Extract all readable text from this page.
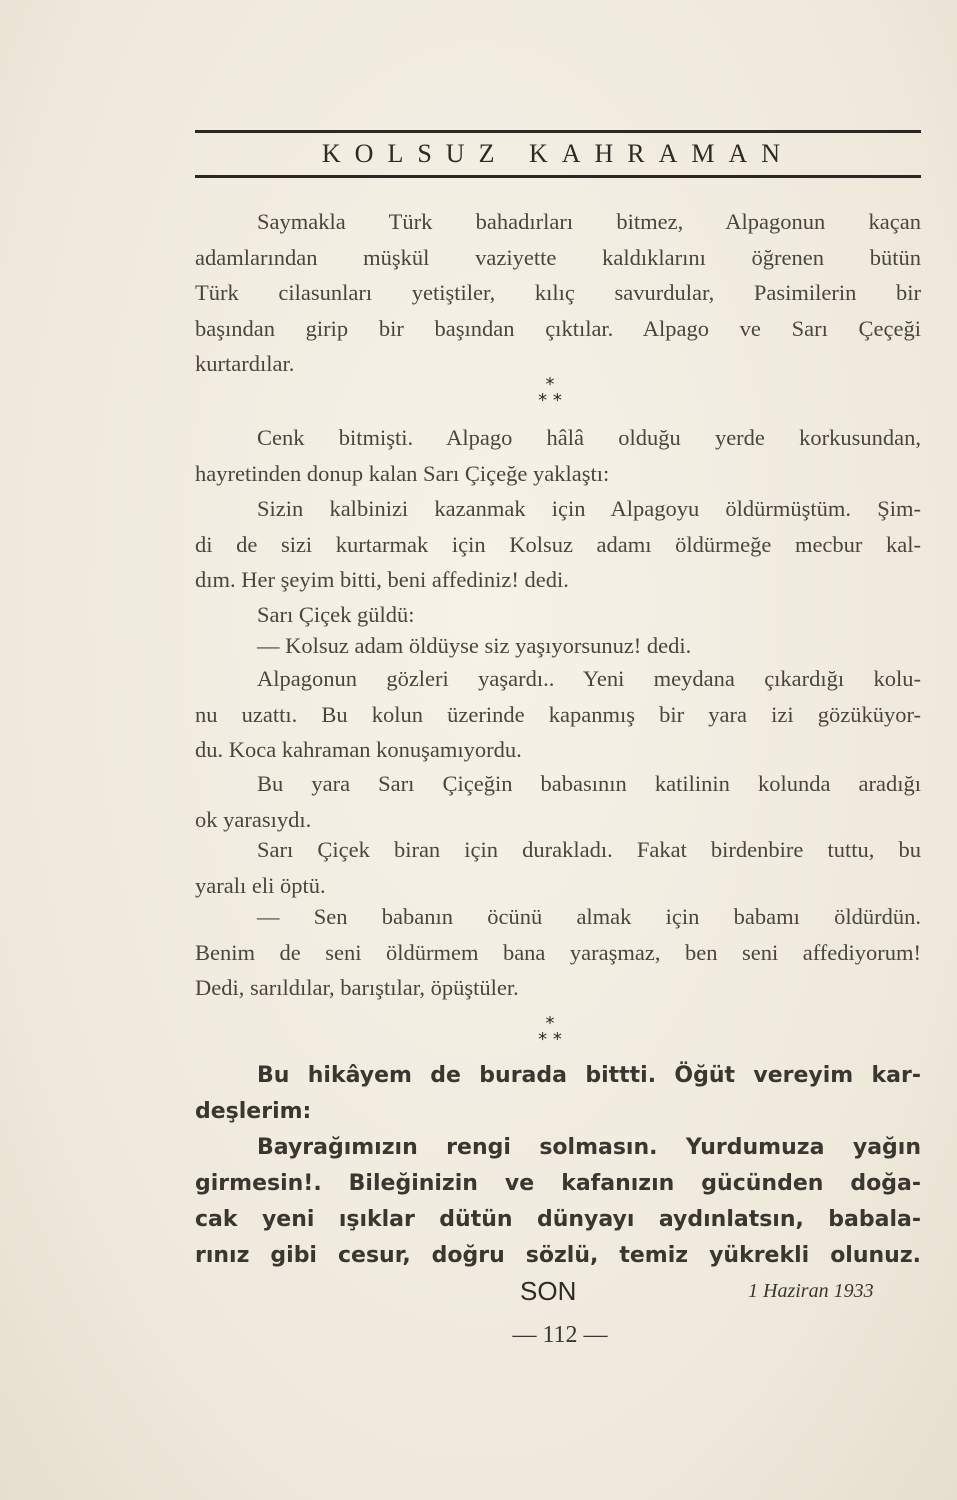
KOLSUZ KAHRAMAN

Saymakla Türk bahadırları bitmez, Alpagonun kaçan
adamlarından müşkül vaziyette kaldıklarını öğrenen bütün
Türk cilasunları yetiştiler, kılıç savurdular, Pasimilerin bir
başından girip bir başından çıktılar. Alpago ve Sarı Çeçeği
kurtardılar.

*
* *

Cenk bitmişti. Alpago hâlâ olduğu yerde korkusundan,
hayretinden donup kalan Sarı Çiçeğe yaklaştı:

Sizin kalbinizi kazanmak için Alpagoyu öldürmüştüm. Şim-
di de sizi kurtarmak için Kolsuz adamı öldürmeğe mecbur kal-
dım. Her şeyim bitti, beni affediniz! dedi.

Sarı Çiçek güldü:

— Kolsuz adam öldüyse siz yaşıyorsunuz! dedi.

Alpagonun gözleri yaşardı.. Yeni meydana çıkardığı kolu-
nu uzattı. Bu kolun üzerinde kapanmış bir yara izi gözüküyor-
du. Koca kahraman konuşamıyordu.

Bu yara Sarı Çiçeğin babasının katilinin kolunda aradığı
ok yarasıydı.

Sarı Çiçek biran için durakladı. Fakat birdenbire tuttu, bu
yaralı eli öptü.

— Sen babanın öcünü almak için babamı öldürdün.
Benim de seni öldürmem bana yaraşmaz, ben seni affediyorum!
Dedi, sarıldılar, barıştılar, öpüştüler.

*
* *
Bu hikâyem de burada bittti. Öğüt vereyim kar-
deşlerim:
Bayrağımızın rengi solmasın. Yurdumuza yağın
girmesin!. Bileğinizin ve kafanızın gücünden doğa-
cak yeni ışıklar dütün dünyayı aydınlatsın, babala-
rınız gibi cesur, doğru sözlü, temiz yükrekli olunuz.
SON	1 Haziran 1933
— 112 —
